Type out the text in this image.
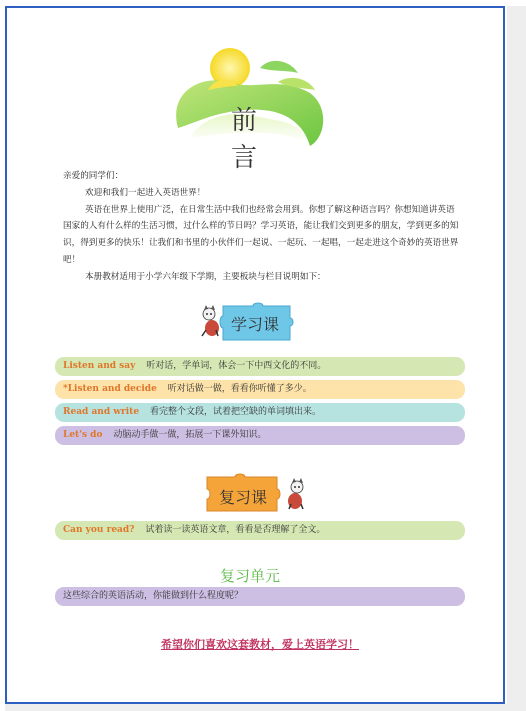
前 言

亲爱的同学们：

欢迎和我们一起进入英语世界！

英语在世界上使用广泛，在日常生活中我们也经常会用到。你想了解这种语言吗？你想知道讲英语国家的人有什么样的生活习惯，过什么样的节日吗？学习英语，能让我们交到更多的朋友，学到更多的知识，得到更多的快乐！让我们和书里的小伙伴们一起说、一起玩、一起唱，一起走进这个奇妙的英语世界吧！

本册教材适用于小学六年级下学期，主要板块与栏目说明如下：

学习课
Listen and say 听对话，学单词，体会一下中西文化的不同。
*Listen and decide 听对话做一做，看看你听懂了多少。
Read and write 看完整个文段，试着把空缺的单词填出来。
Let's do 动脑动手做一做，拓展一下课外知识。
复习课
Can you read? 试着读一读英语文章，看看是否理解了全文。
复习单元
这些综合的英语活动，你能做到什么程度呢？
希望你们喜欢这套教材，爱上英语学习！
